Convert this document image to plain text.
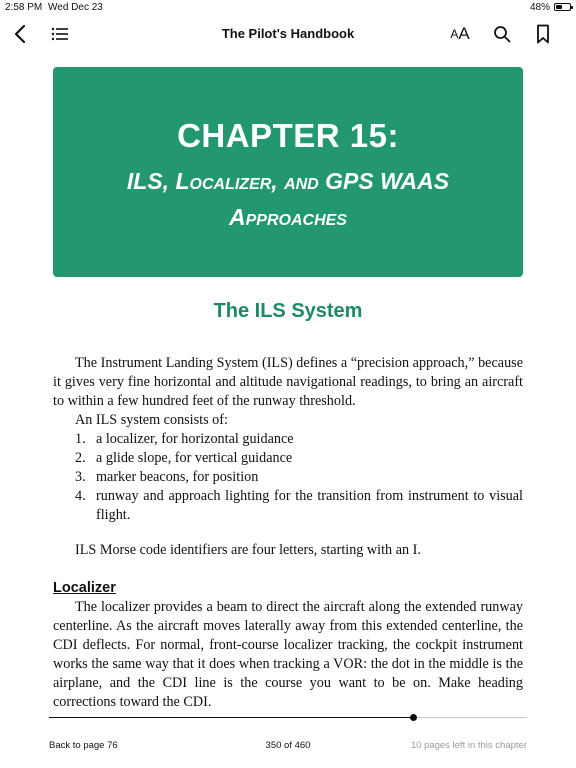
2:58 PM Wed Dec 23	48%
The Pilot's Handbook	A A
CHAPTER 15:
ILS, Localizer, and GPS WAAS
Approaches
The ILS System

The Instrument Landing System (ILS) defines a “precision approach,” because it gives very fine horizontal and altitude navigational readings, to bring an aircraft to within a few hundred feet of the runway threshold.

An ILS system consists of:

1. a localizer, for horizontal guidance
2. a glide slope, for vertical guidance
3. marker beacons, for position
4. runway and approach lighting for the transition from instrument to visual flight.

ILS Morse code identifiers are four letters, starting with an I.

Localizer

The localizer provides a beam to direct the aircraft along the extended runway centerline. As the aircraft moves laterally away from this extended centerline, the CDI deflects. For normal, front-course localizer tracking, the cockpit instrument works the same way that it does when tracking a VOR: the dot in the middle is the airplane, and the CDI line is the course you want to be on. Make heading corrections toward the CDI.

Back to page 76	350 of 460	10 pages left in this chapter
